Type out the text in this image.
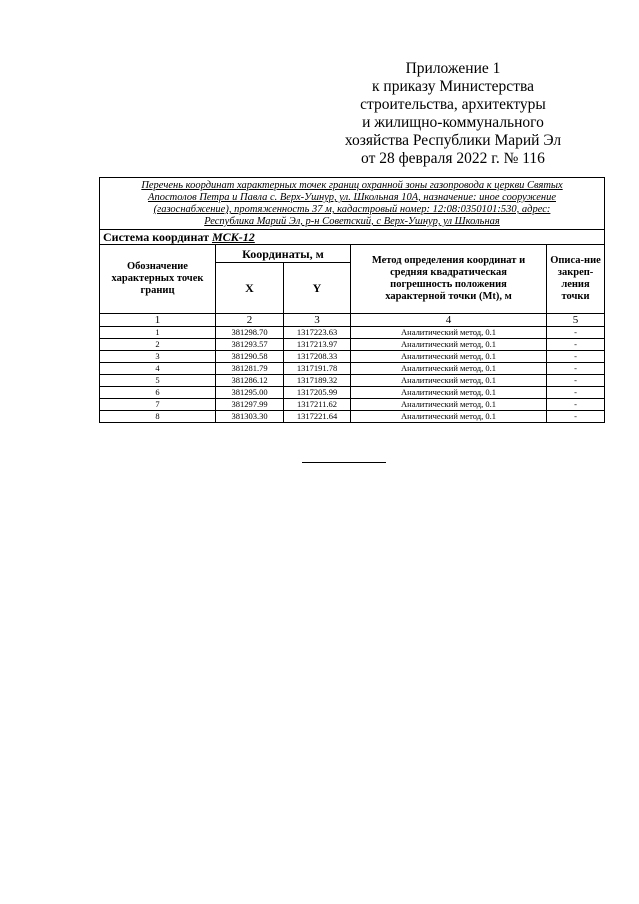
Приложение 1
к приказу Министерства
строительства, архитектуры
и жилищно-коммунального
хозяйства Республики Марий Эл
от 28 февраля 2022 г. № 116
Перечень координат характерных точек границ охранной зоны газопровода к церкви Святых
Апостолов Петра и Павла с. Верх-Ушнур, ул. Школьная 10А, назначение: иное сооружение
(газоснабжение), протяженность 37 м, кадастровый номер: 12:08:0350101:530, адрес:
Республика Марий Эл, р-н Советский, с Верх-Ушнур, ул Школьная				

Система координат МСК-12				
Обозначение характерных точек границ	Координаты, м		Метод определения координат и средняя квадратическая погрешность положения характерной точки (Mt), м	Описа-ние закреп-ления точки
	X	Y		
1	2	3	4	5
1	381298.70	1317223.63	Аналитический метод, 0.1	-
2	381293.57	1317213.97	Аналитический метод, 0.1	-
3	381290.58	1317208.33	Аналитический метод, 0.1	-
4	381281.79	1317191.78	Аналитический метод, 0.1	-
5	381286.12	1317189.32	Аналитический метод, 0.1	-
6	381295.00	1317205.99	Аналитический метод, 0.1	-
7	381297.99	1317211.62	Аналитический метод, 0.1	-
8	381303.30	1317221.64	Аналитический метод, 0.1	-
